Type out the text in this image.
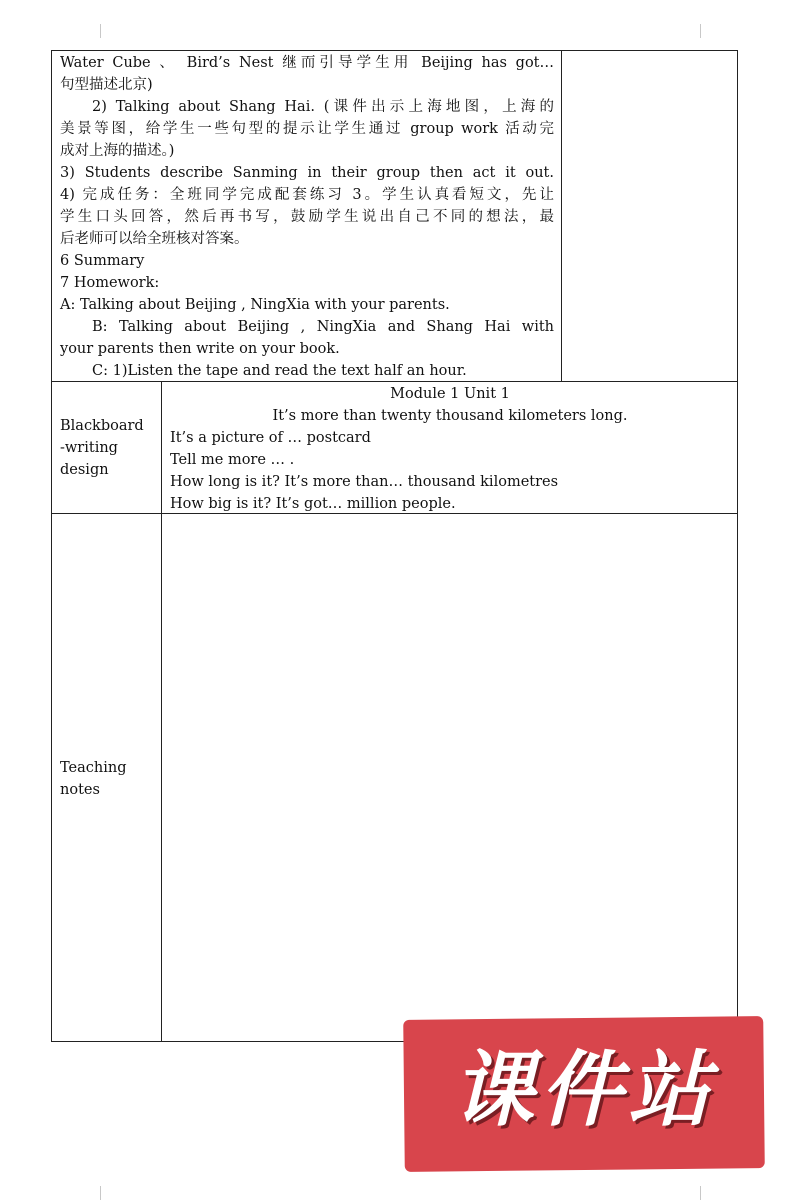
Water Cube 、 Bird’s Nest 继而引导学生用 Beijing has got…
句型描述北京)
2) Talking about Shang Hai. (课件出示上海地图，上海的
美景等图，给学生一些句型的提示让学生通过 group work 活动完
成对上海的描述。)
3) Students describe Sanming in their group then act it out.
4) 完成任务：全班同学完成配套练习 3。学生认真看短文，先让
学生口头回答，然后再书写，鼓励学生说出自己不同的想法，最
后老师可以给全班核对答案。
6 Summary
7 Homework:
A: Talking about Beijing , NingXia with your parents.
B: Talking about Beijing , NingXia and Shang Hai with
your parents then write on your book.
C: 1)Listen the tape and read the text half an hour.
Blackboard
-writing
design
Module 1 Unit 1
It’s more than twenty thousand kilometers long.
It’s a picture of … postcard
Tell me more … .
How long is it? It’s more than… thousand kilometres
How big is it? It’s got… million people.
Teaching
notes
课件站
